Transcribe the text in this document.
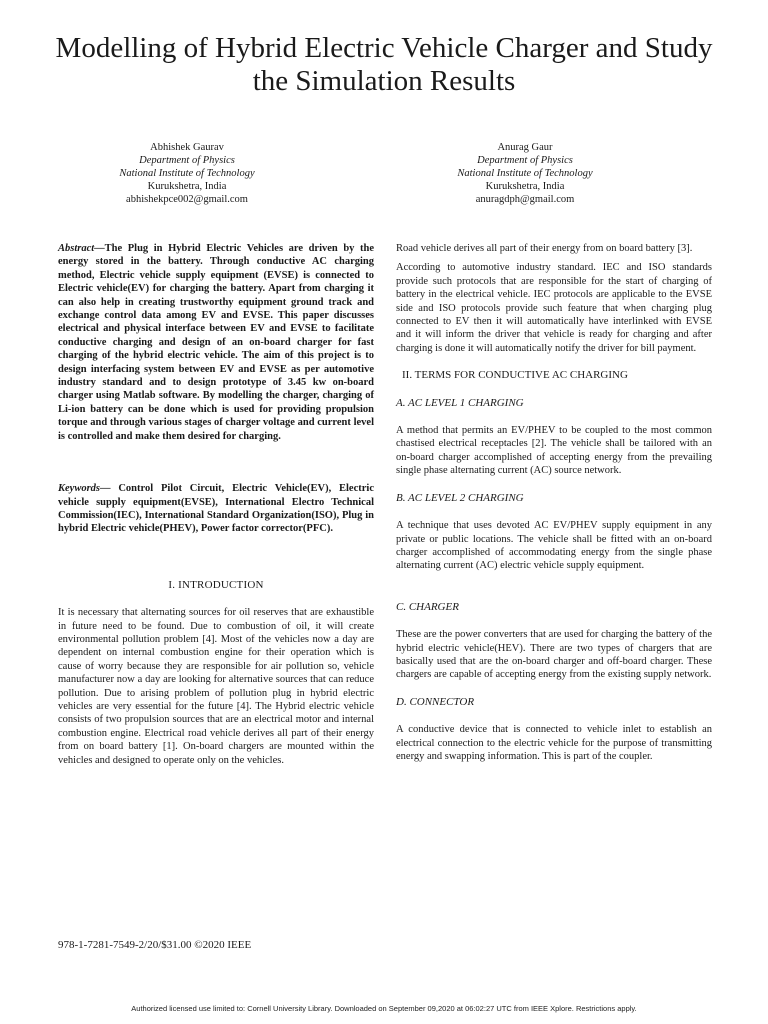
Modelling of Hybrid Electric Vehicle Charger and Study the Simulation Results
Abhishek Gaurav
Department of Physics
National Institute of Technology
Kurukshetra, India
abhishekpce002@gmail.com
Anurag Gaur
Department of Physics
National Institute of Technology
Kurukshetra, India
anuragdph@gmail.com

Abstract—The Plug in Hybrid Electric Vehicles are driven by the energy stored in the battery. Through conductive AC charging method, Electric vehicle supply equipment (EVSE) is connected to Electric vehicle(EV) for charging the battery. Apart from charging it can also help in creating trustworthy equipment ground track and exchange control data among EV and EVSE. This paper discusses electrical and physical interface between EV and EVSE to facilitate conductive charging and design of an on-board charger for fast charging of the hybrid electric vehicle. The aim of this project is to design interfacing system between EV and EVSE as per automotive industry standard and to design prototype of 3.45 kw on-board charger using Matlab software. By modelling the charger, charging of Li-ion battery can be done which is used for providing propulsion torque and through various stages of charger voltage and current level is controlled and make them desired for charging.

Keywords— Control Pilot Circuit, Electric Vehicle(EV), Electric vehicle supply equipment(EVSE), International Electro Technical Commission(IEC), International Standard Organization(ISO), Plug in hybrid Electric vehicle(PHEV), Power factor corrector(PFC).

I. INTRODUCTION

It is necessary that alternating sources for oil reserves that are exhaustible in future need to be found. Due to combustion of oil, it will create environmental pollution problem [4]. Most of the vehicles now a day are dependent on internal combustion engine for their operation which is cause of worry because they are responsible for air pollution so, vehicle manufacturer now a day are looking for alternative sources that can reduce pollution. Due to arising problem of pollution plug in hybrid electric vehicles are very essential for the future [4]. The Hybrid electric vehicle consists of two propulsion sources that are an electrical motor and internal combustion engine. Electrical road vehicle derives all part of their energy from on board battery [1]. On-board chargers are mounted within the vehicles and designed to operate only on the vehicles.

Road vehicle derives all part of their energy from on board battery [3].

According to automotive industry standard. IEC and ISO standards provide such protocols that are responsible for the start of charging of battery in the electrical vehicle. IEC protocols are applicable to the EVSE side and ISO protocols provide such feature that when charging plug connected to EV then it will automatically have interlinked with EVSE and it will inform the driver that vehicle is ready for charging and after charging is done it will automatically notify the driver for bill payment.

II. TERMS FOR CONDUCTIVE AC CHARGING
A. AC LEVEL 1 CHARGING

A method that permits an EV/PHEV to be coupled to the most common chastised electrical receptacles [2]. The vehicle shall be tailored with an on-board charger accomplished of accepting energy from the prevailing single phase alternating current (AC) source network.

B. AC LEVEL 2 CHARGING

A technique that uses devoted AC EV/PHEV supply equipment in any private or public locations. The vehicle shall be fitted with an on-board charger accomplished of accommodating energy from the single phase alternating current (AC) electric vehicle supply equipment.

C. CHARGER

These are the power converters that are used for charging the battery of the hybrid electric vehicle(HEV). There are two types of chargers that are basically used that are the on-board charger and off-board charger. These chargers are capable of accepting energy from the existing supply network.

D. CONNECTOR

A conductive device that is connected to vehicle inlet to establish an electrical connection to the electric vehicle for the purpose of transmitting energy and swapping information. This is part of the coupler.

978-1-7281-7549-2/20/$31.00 ©2020 IEEE
Authorized licensed use limited to: Cornell University Library. Downloaded on September 09,2020 at 06:02:27 UTC from IEEE Xplore. Restrictions apply.
